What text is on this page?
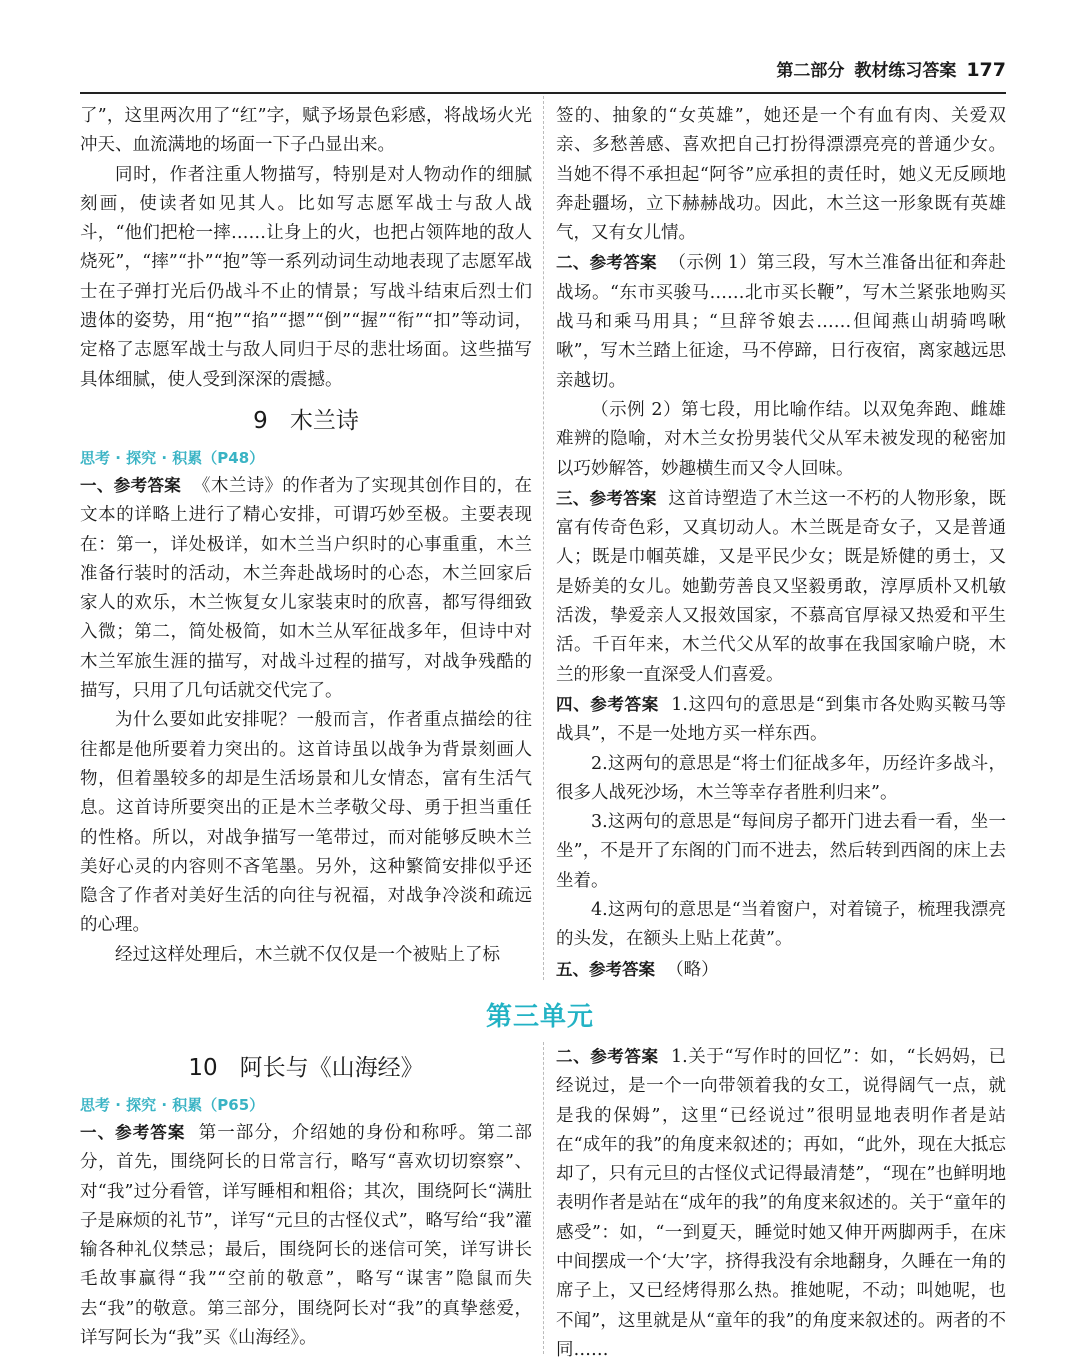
第二部分 教材练习答案 177

了”，这里两次用了“红”字，赋予场景色彩感，将战场火光冲天、血流满地的场面一下子凸显出来。

同时，作者注重人物描写，特别是对人物动作的细腻刻画，使读者如见其人。比如写志愿军战士与敌人战斗，“他们把枪一摔……让身上的火，也把占领阵地的敌人烧死”，“摔”“扑”“抱”等一系列动词生动地表现了志愿军战士在子弹打光后仍战斗不止的情景；写战斗结束后烈士们遗体的姿势，用“抱”“掐”“摁”“倒”“握”“衔”“扣”等动词，定格了志愿军战士与敌人同归于尽的悲壮场面。这些描写具体细腻，使人受到深深的震撼。

9 木兰诗
思考 · 探究 · 积累（P48）

一、参考答案 《木兰诗》的作者为了实现其创作目的，在文本的详略上进行了精心安排，可谓巧妙至极。主要表现在：第一，详处极详，如木兰当户织时的心事重重，木兰准备行装时的活动，木兰奔赴战场时的心态，木兰回家后家人的欢乐，木兰恢复女儿家装束时的欣喜，都写得细致入微；第二，简处极简，如木兰从军征战多年，但诗中对木兰军旅生涯的描写，对战斗过程的描写，对战争残酷的描写，只用了几句话就交代完了。

为什么要如此安排呢？一般而言，作者重点描绘的往往都是他所要着力突出的。这首诗虽以战争为背景刻画人物，但着墨较多的却是生活场景和儿女情态，富有生活气息。这首诗所要突出的正是木兰孝敬父母、勇于担当重任的性格。所以，对战争描写一笔带过，而对能够反映木兰美好心灵的内容则不吝笔墨。另外，这种繁简安排似乎还隐含了作者对美好生活的向往与祝福，对战争冷淡和疏远的心理。

经过这样处理后，木兰就不仅仅是一个被贴上了标

签的、抽象的“女英雄”，她还是一个有血有肉、关爱双亲、多愁善感、喜欢把自己打扮得漂漂亮亮的普通少女。当她不得不承担起“阿爷”应承担的责任时，她义无反顾地奔赴疆场，立下赫赫战功。因此，木兰这一形象既有英雄气，又有女儿情。

二、参考答案 （示例 1）第三段，写木兰准备出征和奔赴战场。“东市买骏马……北市买长鞭”，写木兰紧张地购买战马和乘马用具；“旦辞爷娘去……但闻燕山胡骑鸣啾啾”，写木兰踏上征途，马不停蹄，日行夜宿，离家越远思亲越切。

（示例 2）第七段，用比喻作结。以双兔奔跑、雌雄难辨的隐喻，对木兰女扮男装代父从军未被发现的秘密加以巧妙解答，妙趣横生而又令人回味。

三、参考答案 这首诗塑造了木兰这一不朽的人物形象，既富有传奇色彩，又真切动人。木兰既是奇女子，又是普通人；既是巾帼英雄，又是平民少女；既是矫健的勇士，又是娇美的女儿。她勤劳善良又坚毅勇敢，淳厚质朴又机敏活泼，挚爱亲人又报效国家，不慕高官厚禄又热爱和平生活。千百年来，木兰代父从军的故事在我国家喻户晓，木兰的形象一直深受人们喜爱。

四、参考答案 1.这四句的意思是“到集市各处购买鞍马等战具”，不是一处地方买一样东西。

2.这两句的意思是“将士们征战多年，历经许多战斗，很多人战死沙场，木兰等幸存者胜利归来”。

3.这两句的意思是“每间房子都开门进去看一看，坐一坐”，不是开了东阁的门而不进去，然后转到西阁的床上去坐着。

4.这两句的意思是“当着窗户，对着镜子，梳理我漂亮的头发，在额头上贴上花黄”。

五、参考答案 （略）

第三单元
10 阿长与《山海经》
思考 · 探究 · 积累（P65）

一、参考答案 第一部分，介绍她的身份和称呼。第二部分，首先，围绕阿长的日常言行，略写“喜欢切切察察”、对“我”过分看管，详写睡相和粗俗；其次，围绕阿长“满肚子是麻烦的礼节”，详写“元旦的古怪仪式”，略写给“我”灌输各种礼仪禁忌；最后，围绕阿长的迷信可笑，详写讲长毛故事赢得“我”“空前的敬意”，略写“谋害”隐鼠而失去“我”的敬意。第三部分，围绕阿长对“我”的真挚慈爱，详写阿长为“我”买《山海经》。

二、参考答案 1.关于“写作时的回忆”：如，“长妈妈，已经说过，是一个一向带领着我的女工，说得阔气一点，就是我的保姆”，这里“已经说过”很明显地表明作者是站在“成年的我”的角度来叙述的；再如，“此外，现在大抵忘却了，只有元旦的古怪仪式记得最清楚”，“现在”也鲜明地表明作者是站在“成年的我”的角度来叙述的。关于“童年的感受”：如，“一到夏天，睡觉时她又伸开两脚两手，在床中间摆成一个‘大’字，挤得我没有余地翻身，久睡在一角的席子上，又已经烤得那么热。推她呢，不动；叫她呢，也不闻”，这里就是从“童年的我”的角度来叙述的。两者的不同……
